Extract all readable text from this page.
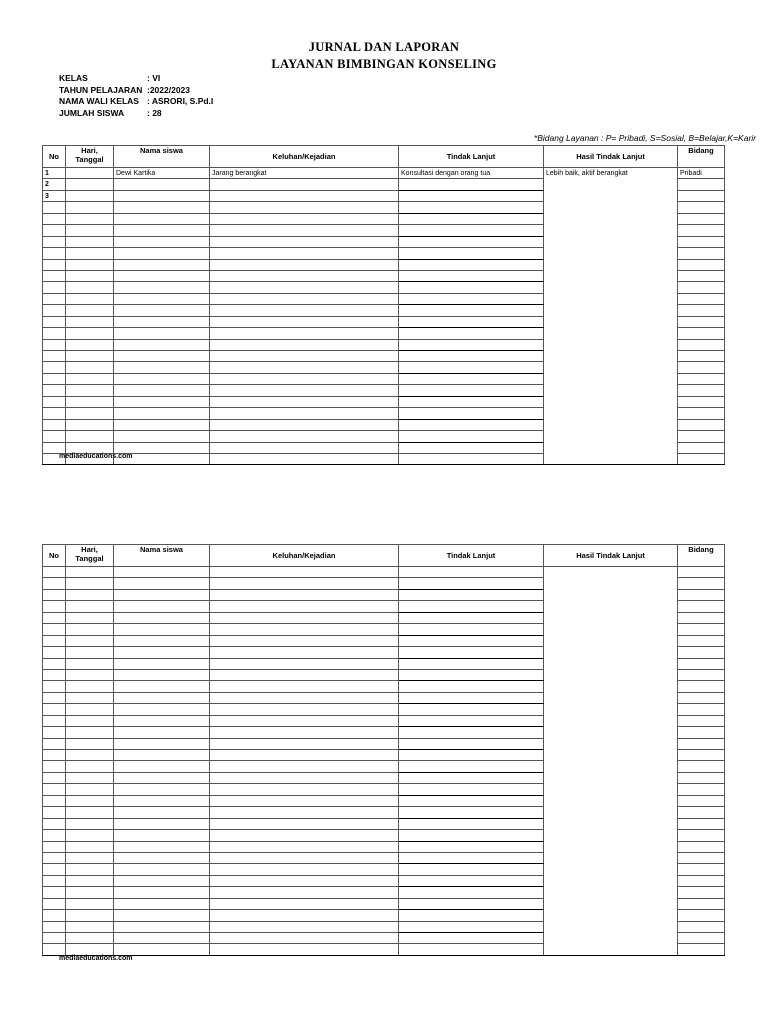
JURNAL DAN LAPORAN
LAYANAN BIMBINGAN KONSELING
KELAS	: VI
TAHUN PELAJARAN :2022/2023
NAMA WALI KELAS : ASRORI, S.Pd.I
JUMLAH SISWA	: 28
*Bidang Layanan : P= Pribadi, S=Sosial, B=Belajar,K=Karir
No	Hari, Tanggal	Nama siswa	Keluhan/Kejadian	Tindak Lanjut	Hasil Tindak Lanjut	Bidang
1		Dewi Kartika	Jarang berangkat	Konsultasi dengan orang tua	Lebih baik, aktif berangkat	Pribadi
2						
3						

mediaeducations.com
No	Hari, Tanggal	Nama siswa	Keluhan/Kejadian	Tindak Lanjut	Hasil Tindak Lanjut	Bidang

mediaeducations.com
